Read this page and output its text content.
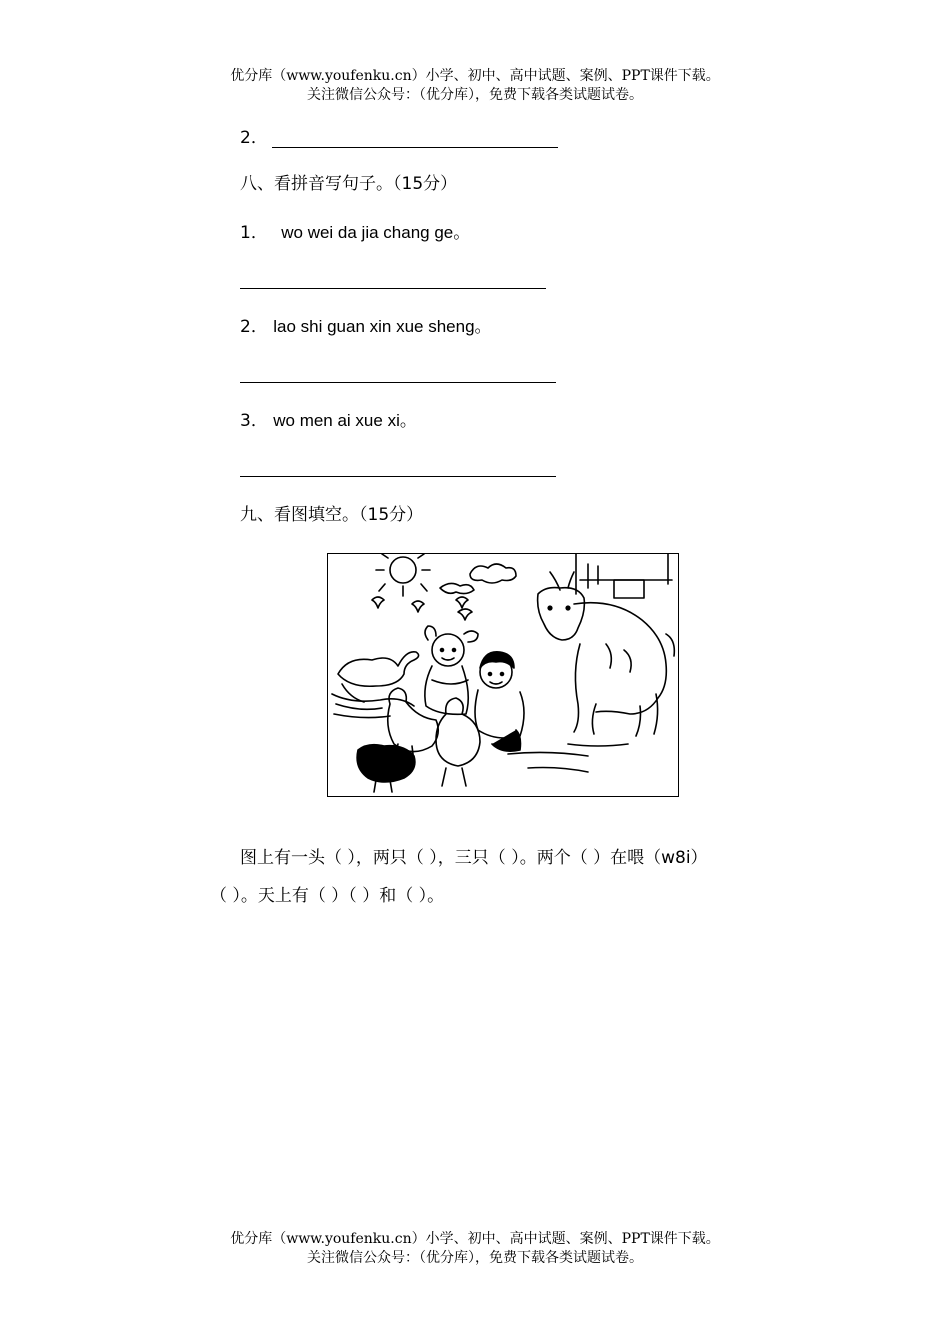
优分库（www.youfenku.cn）小学、初中、高中试题、案例、PPT课件下载。
关注微信公众号：（优分库），免费下载各类试题试卷。
2．
八、看拼音写句子。（15分）
1． wo wei da jia chang ge。
2． lao shi guan xin xue sheng。
3． wo men ai xue xi。
九、看图填空。（15分）
图上有一头（ ），两只（ ），三只（ ）。两个（ ）在喂（w8i）
（ ）。天上有（ ）（ ）和（ ）。
优分库（www.youfenku.cn）小学、初中、高中试题、案例、PPT课件下载。
关注微信公众号：（优分库），免费下载各类试题试卷。
